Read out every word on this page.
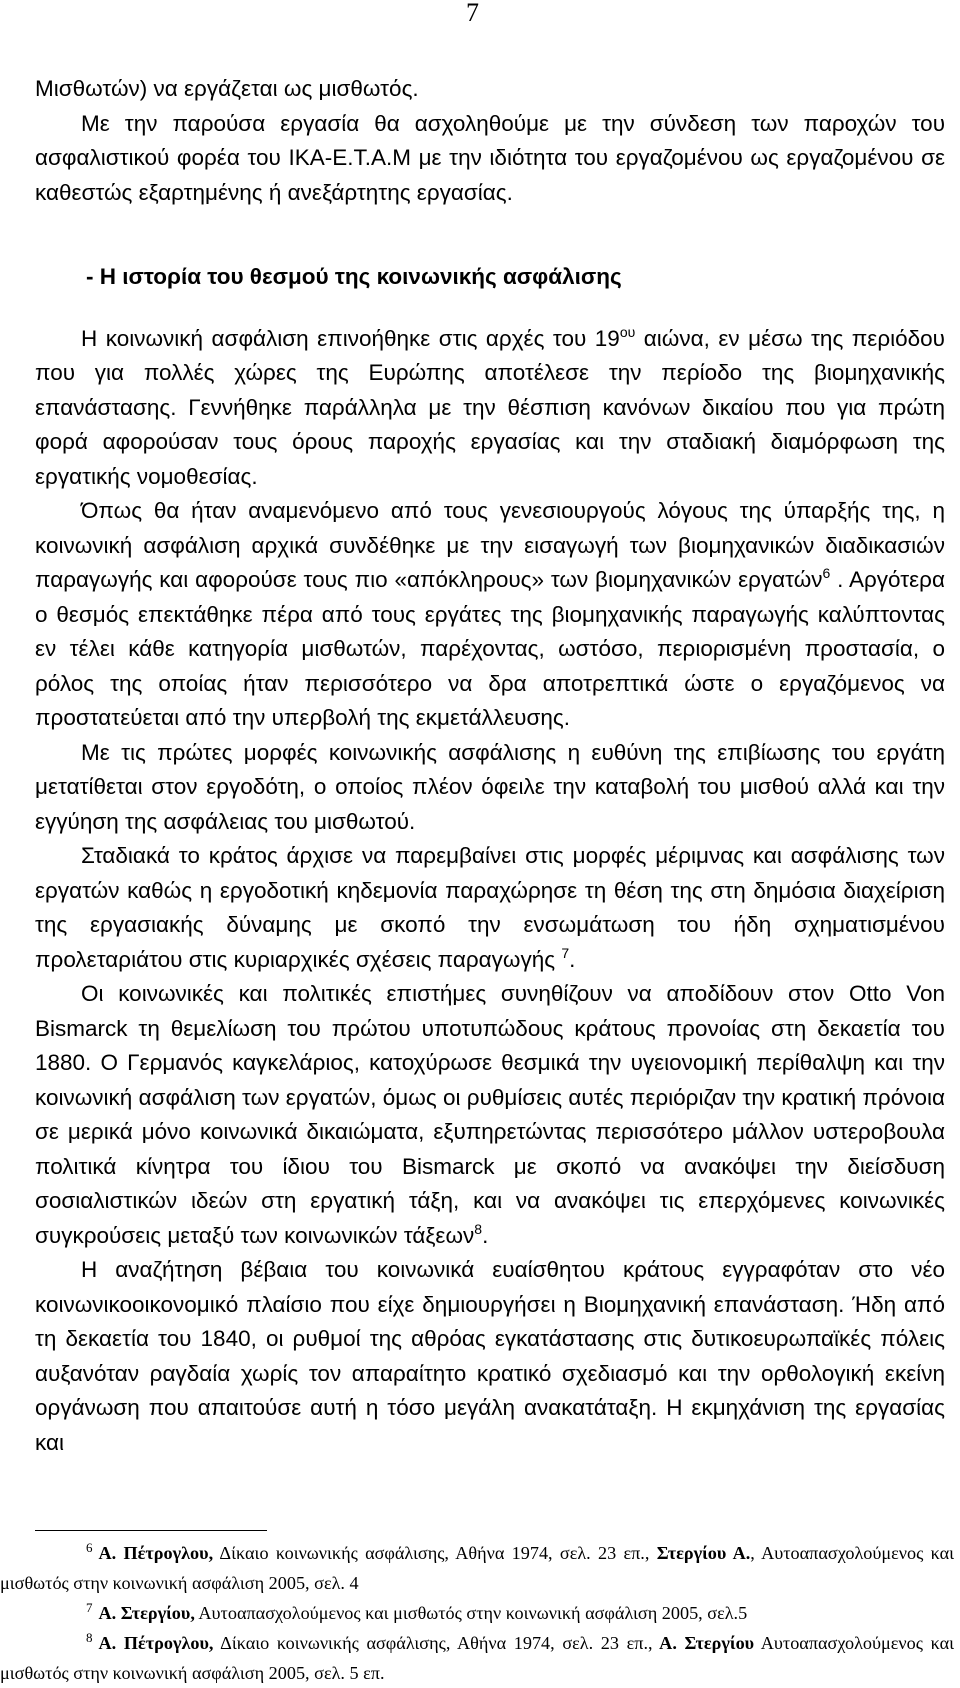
7

Μισθωτών) να εργάζεται ως μισθωτός.

Με την παρούσα εργασία θα ασχοληθούμε με την σύνδεση των παροχών του ασφαλιστικού φορέα του ΙΚΑ-Ε.Τ.Α.Μ με την ιδιότητα του εργαζομένου ως εργαζομένου σε καθεστώς εξαρτημένης ή ανεξάρτητης εργασίας.

- Η ιστορία του θεσμού της κοινωνικής ασφάλισης

Η κοινωνική ασφάλιση επινοήθηκε στις αρχές του $19^{o\upsilon}$ αιώνα, εν μέσω της περιόδου που για πολλές χώρες της Ευρώπης αποτέλεσε την περίοδο της βιομηχανικής επανάστασης. Γεννήθηκε παράλληλα με την θέσπιση κανόνων δικαίου που για πρώτη φορά αφορούσαν τους όρους παροχής εργασίας και την σταδιακή διαμόρφωση της εργατικής νομοθεσίας.

Όπως θα ήταν αναμενόμενο από τους γενεσιουργούς λόγους της ύπαρξής της, η κοινωνική ασφάλιση αρχικά συνδέθηκε με την εισαγωγή των βιομηχανικών διαδικασιών παραγωγής και αφορούσε τους πιο «απόκληρους» των βιομηχανικών εργατών$^6$ . Αργότερα ο θεσμός επεκτάθηκε πέρα από τους εργάτες της βιομηχανικής παραγωγής καλύπτοντας εν τέλει κάθε κατηγορία μισθωτών, παρέχοντας, ωστόσο, περιορισμένη προστασία, ο ρόλος της οποίας ήταν περισσότερο να δρα αποτρεπτικά ώστε ο εργαζόμενος να προστατεύεται από την υπερβολή της εκμετάλλευσης.

Με τις πρώτες μορφές κοινωνικής ασφάλισης η ευθύνη της επιβίωσης του εργάτη μετατίθεται στον εργοδότη, ο οποίος πλέον όφειλε την καταβολή του μισθού αλλά και την εγγύηση της ασφάλειας του μισθωτού.

Σταδιακά το κράτος άρχισε να παρεμβαίνει στις μορφές μέριμνας και ασφάλισης των εργατών καθώς η εργοδοτική κηδεμονία παραχώρησε τη θέση της στη δημόσια διαχείριση της εργασιακής δύναμης με σκοπό την ενσωμάτωση του ήδη σχηματισμένου προλεταριάτου στις κυριαρχικές σχέσεις παραγωγής $^7$.

Οι κοινωνικές και πολιτικές επιστήμες συνηθίζουν να αποδίδουν στον Otto Von Bismarck τη θεμελίωση του πρώτου υποτυπώδους κράτους προνοίας στη δεκαετία του 1880. Ο Γερμανός καγκελάριος, κατοχύρωσε θεσμικά την υγειονομική περίθαλψη και την κοινωνική ασφάλιση των εργατών, όμως οι ρυθμίσεις αυτές περιόριζαν την κρατική πρόνοια σε μερικά μόνο κοινωνικά δικαιώματα, εξυπηρετώντας περισσότερο μάλλον υστεροβουλα πολιτικά κίνητρα του ίδιου του Bismarck με σκοπό να ανακόψει την διείσδυση σοσιαλιστικών ιδεών στη εργατική τάξη, και να ανακόψει τις επερχόμενες κοινωνικές συγκρούσεις μεταξύ των κοινωνικών τάξεων$^8$.

Η αναζήτηση βέβαια του κοινωνικά ευαίσθητου κράτους εγγραφόταν στο νέο κοινωνικοοικονομικό πλαίσιο που είχε δημιουργήσει η Βιομηχανική επανάσταση. Ήδη από τη δεκαετία του 1840, οι ρυθμοί της αθρόας εγκατάστασης στις δυτικοευρωπαϊκές πόλεις αυξανόταν ραγδαία χωρίς τον απαραίτητο κρατικό σχεδιασμό και την ορθολογική εκείνη οργάνωση που απαιτούσε αυτή η τόσο μεγάλη ανακατάταξη. Η εκμηχάνιση της εργασίας και

$^6$ Α. Πέτρογλου, Δίκαιο κοινωνικής ασφάλισης, Αθήνα 1974, σελ. 23 επ., Στεργίου Α., Αυτοαπασχολούμενος και μισθωτός στην κοινωνική ασφάλιση 2005, σελ. 4

$^7$ Α. Στεργίου, Αυτοαπασχολούμενος και μισθωτός στην κοινωνική ασφάλιση 2005, σελ.5

$^8$ Α. Πέτρογλου, Δίκαιο κοινωνικής ασφάλισης, Αθήνα 1974, σελ. 23 επ., Α. Στεργίου Αυτοαπασχολούμενος και μισθωτός στην κοινωνική ασφάλιση 2005, σελ. 5 επ.
